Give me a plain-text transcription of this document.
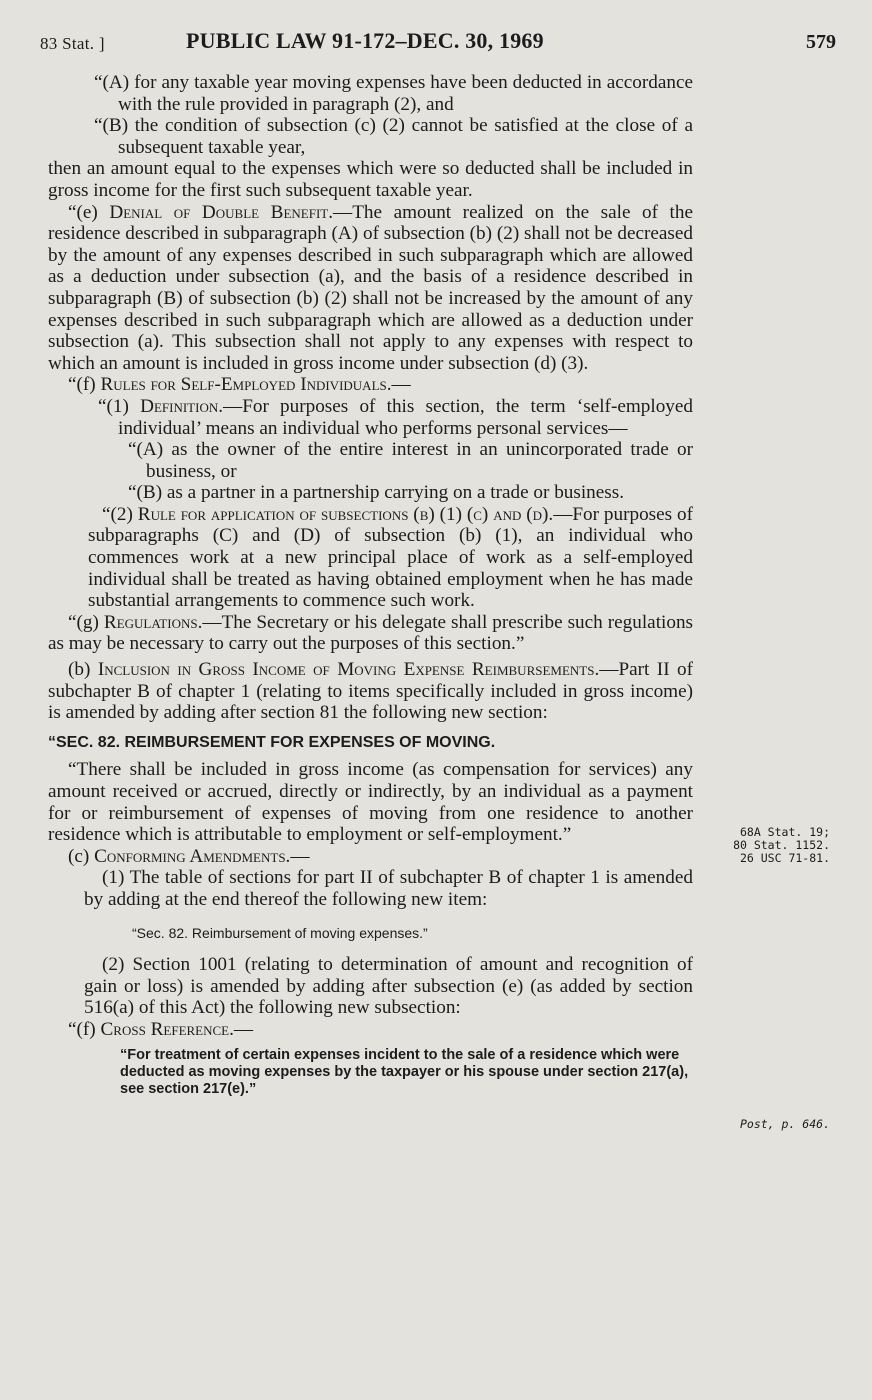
83 Stat. ]	PUBLIC LAW 91-172–DEC. 30, 1969	579

“(A) for any taxable year moving expenses have been deducted in accordance with the rule provided in paragraph (2), and

“(B) the condition of subsection (c) (2) cannot be satisfied at the close of a subsequent taxable year,

then an amount equal to the expenses which were so deducted shall be included in gross income for the first such subsequent taxable year.

“(e) Denial of Double Benefit.—The amount realized on the sale of the residence described in subparagraph (A) of subsection (b) (2) shall not be decreased by the amount of any expenses described in such subparagraph which are allowed as a deduction under subsection (a), and the basis of a residence described in subparagraph (B) of subsection (b) (2) shall not be increased by the amount of any expenses described in such subparagraph which are allowed as a deduction under subsection (a). This subsection shall not apply to any expenses with respect to which an amount is included in gross income under subsection (d) (3).

“(f) Rules for Self-Employed Individuals.—

“(1) Definition.—For purposes of this section, the term ‘self-employed individual’ means an individual who performs personal services—

“(A) as the owner of the entire interest in an unincorporated trade or business, or

“(B) as a partner in a partnership carrying on a trade or business.

“(2) Rule for application of subsections (b) (1) (c) and (d).—For purposes of subparagraphs (C) and (D) of subsection (b) (1), an individual who commences work at a new principal place of work as a self-employed individual shall be treated as having obtained employment when he has made substantial arrangements to commence such work.

“(g) Regulations.—The Secretary or his delegate shall prescribe such regulations as may be necessary to carry out the purposes of this section.”

(b) Inclusion in Gross Income of Moving Expense Reimbursements.—Part II of subchapter B of chapter 1 (relating to items specifically included in gross income) is amended by adding after section 81 the following new section:

“SEC. 82. REIMBURSEMENT FOR EXPENSES OF MOVING.

“There shall be included in gross income (as compensation for services) any amount received or accrued, directly or indirectly, by an individual as a payment for or reimbursement of expenses of moving from one residence to another residence which is attributable to employment or self-employment.”

(c) Conforming Amendments.—

(1) The table of sections for part II of subchapter B of chapter 1 is amended by adding at the end thereof the following new item:

“Sec. 82. Reimbursement of moving expenses.”

(2) Section 1001 (relating to determination of amount and recognition of gain or loss) is amended by adding after subsection (e) (as added by section 516(a) of this Act) the following new subsection:

“(f) Cross Reference.—

“For treatment of certain expenses incident to the sale of a residence which were deducted as moving expenses by the taxpayer or his spouse under section 217(a), see section 217(e).”

68A Stat. 19;
80 Stat. 1152.
26 USC 71-81.
Post, p. 646.
